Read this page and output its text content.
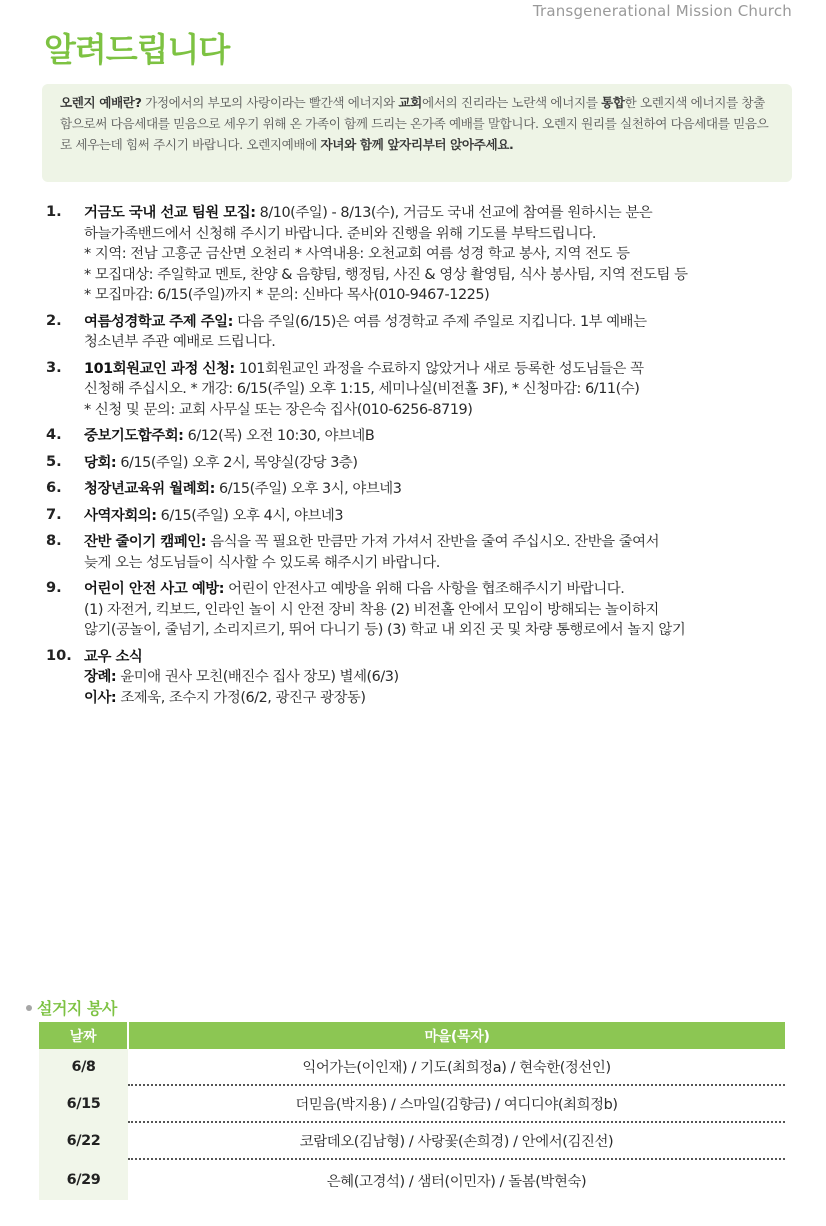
Transgenerational Mission Church
알려드립니다
오렌지 예배란? 가정에서의 부모의 사랑이라는 빨간색 에너지와 교회에서의 진리라는 노란색 에너지를 통합한 오렌지색 에너지를 창출함으로써 다음세대를 믿음으로 세우기 위해 온 가족이 함께 드리는 온가족 예배를 말합니다. 오렌지 원리를 실천하여 다음세대를 믿음으로 세우는데 힘써 주시기 바랍니다. 오렌지예배에 자녀와 함께 앞자리부터 앉아주세요.
1. 거금도 국내 선교 팀원 모집: 8/10(주일) - 8/13(수), 거금도 국내 선교에 참여를 원하시는 분은
하늘가족밴드에서 신청해 주시기 바랍니다. 준비와 진행을 위해 기도를 부탁드립니다.
* 지역: 전남 고흥군 금산면 오천리 * 사역내용: 오천교회 여름 성경 학교 봉사, 지역 전도 등
* 모집대상: 주일학교 멘토, 찬양 & 음향팀, 행정팀, 사진 & 영상 촬영팀, 식사 봉사팀, 지역 전도팀 등
* 모집마감: 6/15(주일)까지 * 문의: 신바다 목사(010-9467-1225)
2. 여름성경학교 주제 주일: 다음 주일(6/15)은 여름 성경학교 주제 주일로 지킵니다. 1부 예배는
청소년부 주관 예배로 드립니다.
3. 101회원교인 과정 신청: 101회원교인 과정을 수료하지 않았거나 새로 등록한 성도님들은 꼭
신청해 주십시오. * 개강: 6/15(주일) 오후 1:15, 세미나실(비전홀 3F), * 신청마감: 6/11(수)
* 신청 및 문의: 교회 사무실 또는 장은숙 집사(010-6256-8719)
4. 중보기도합주회: 6/12(목) 오전 10:30, 야브네B
5. 당회: 6/15(주일) 오후 2시, 목양실(강당 3층)
6. 청장년교육위 월례회: 6/15(주일) 오후 3시, 야브네3
7. 사역자회의: 6/15(주일) 오후 4시, 야브네3
8. 잔반 줄이기 캠페인: 음식을 꼭 필요한 만큼만 가져 가셔서 잔반을 줄여 주십시오. 잔반을 줄여서
늦게 오는 성도님들이 식사할 수 있도록 해주시기 바랍니다.
9. 어린이 안전 사고 예방: 어린이 안전사고 예방을 위해 다음 사항을 협조해주시기 바랍니다.
(1) 자전거, 킥보드, 인라인 놀이 시 안전 장비 착용 (2) 비전홀 안에서 모임이 방해되는 놀이하지
않기(공놀이, 줄넘기, 소리지르기, 뛰어 다니기 등) (3) 학교 내 외진 곳 및 차량 통행로에서 놀지 않기
10. 교우 소식
장례: 윤미애 권사 모친(배진수 집사 장모) 별세(6/3)
이사: 조제욱, 조수지 가정(6/2, 광진구 광장동)
설거지 봉사
날짜	마을(목자)
6/8	익어가는(이인재) / 기도(최희정a) / 현숙한(정선인)
6/15	더믿음(박지용) / 스마일(김향금) / 여디디야(최희정b)
6/22	코람데오(김남형) / 사랑꽃(손희경) / 안에서(김진선)
6/29	은혜(고경석) / 샘터(이민자) / 돌봄(박현숙)
